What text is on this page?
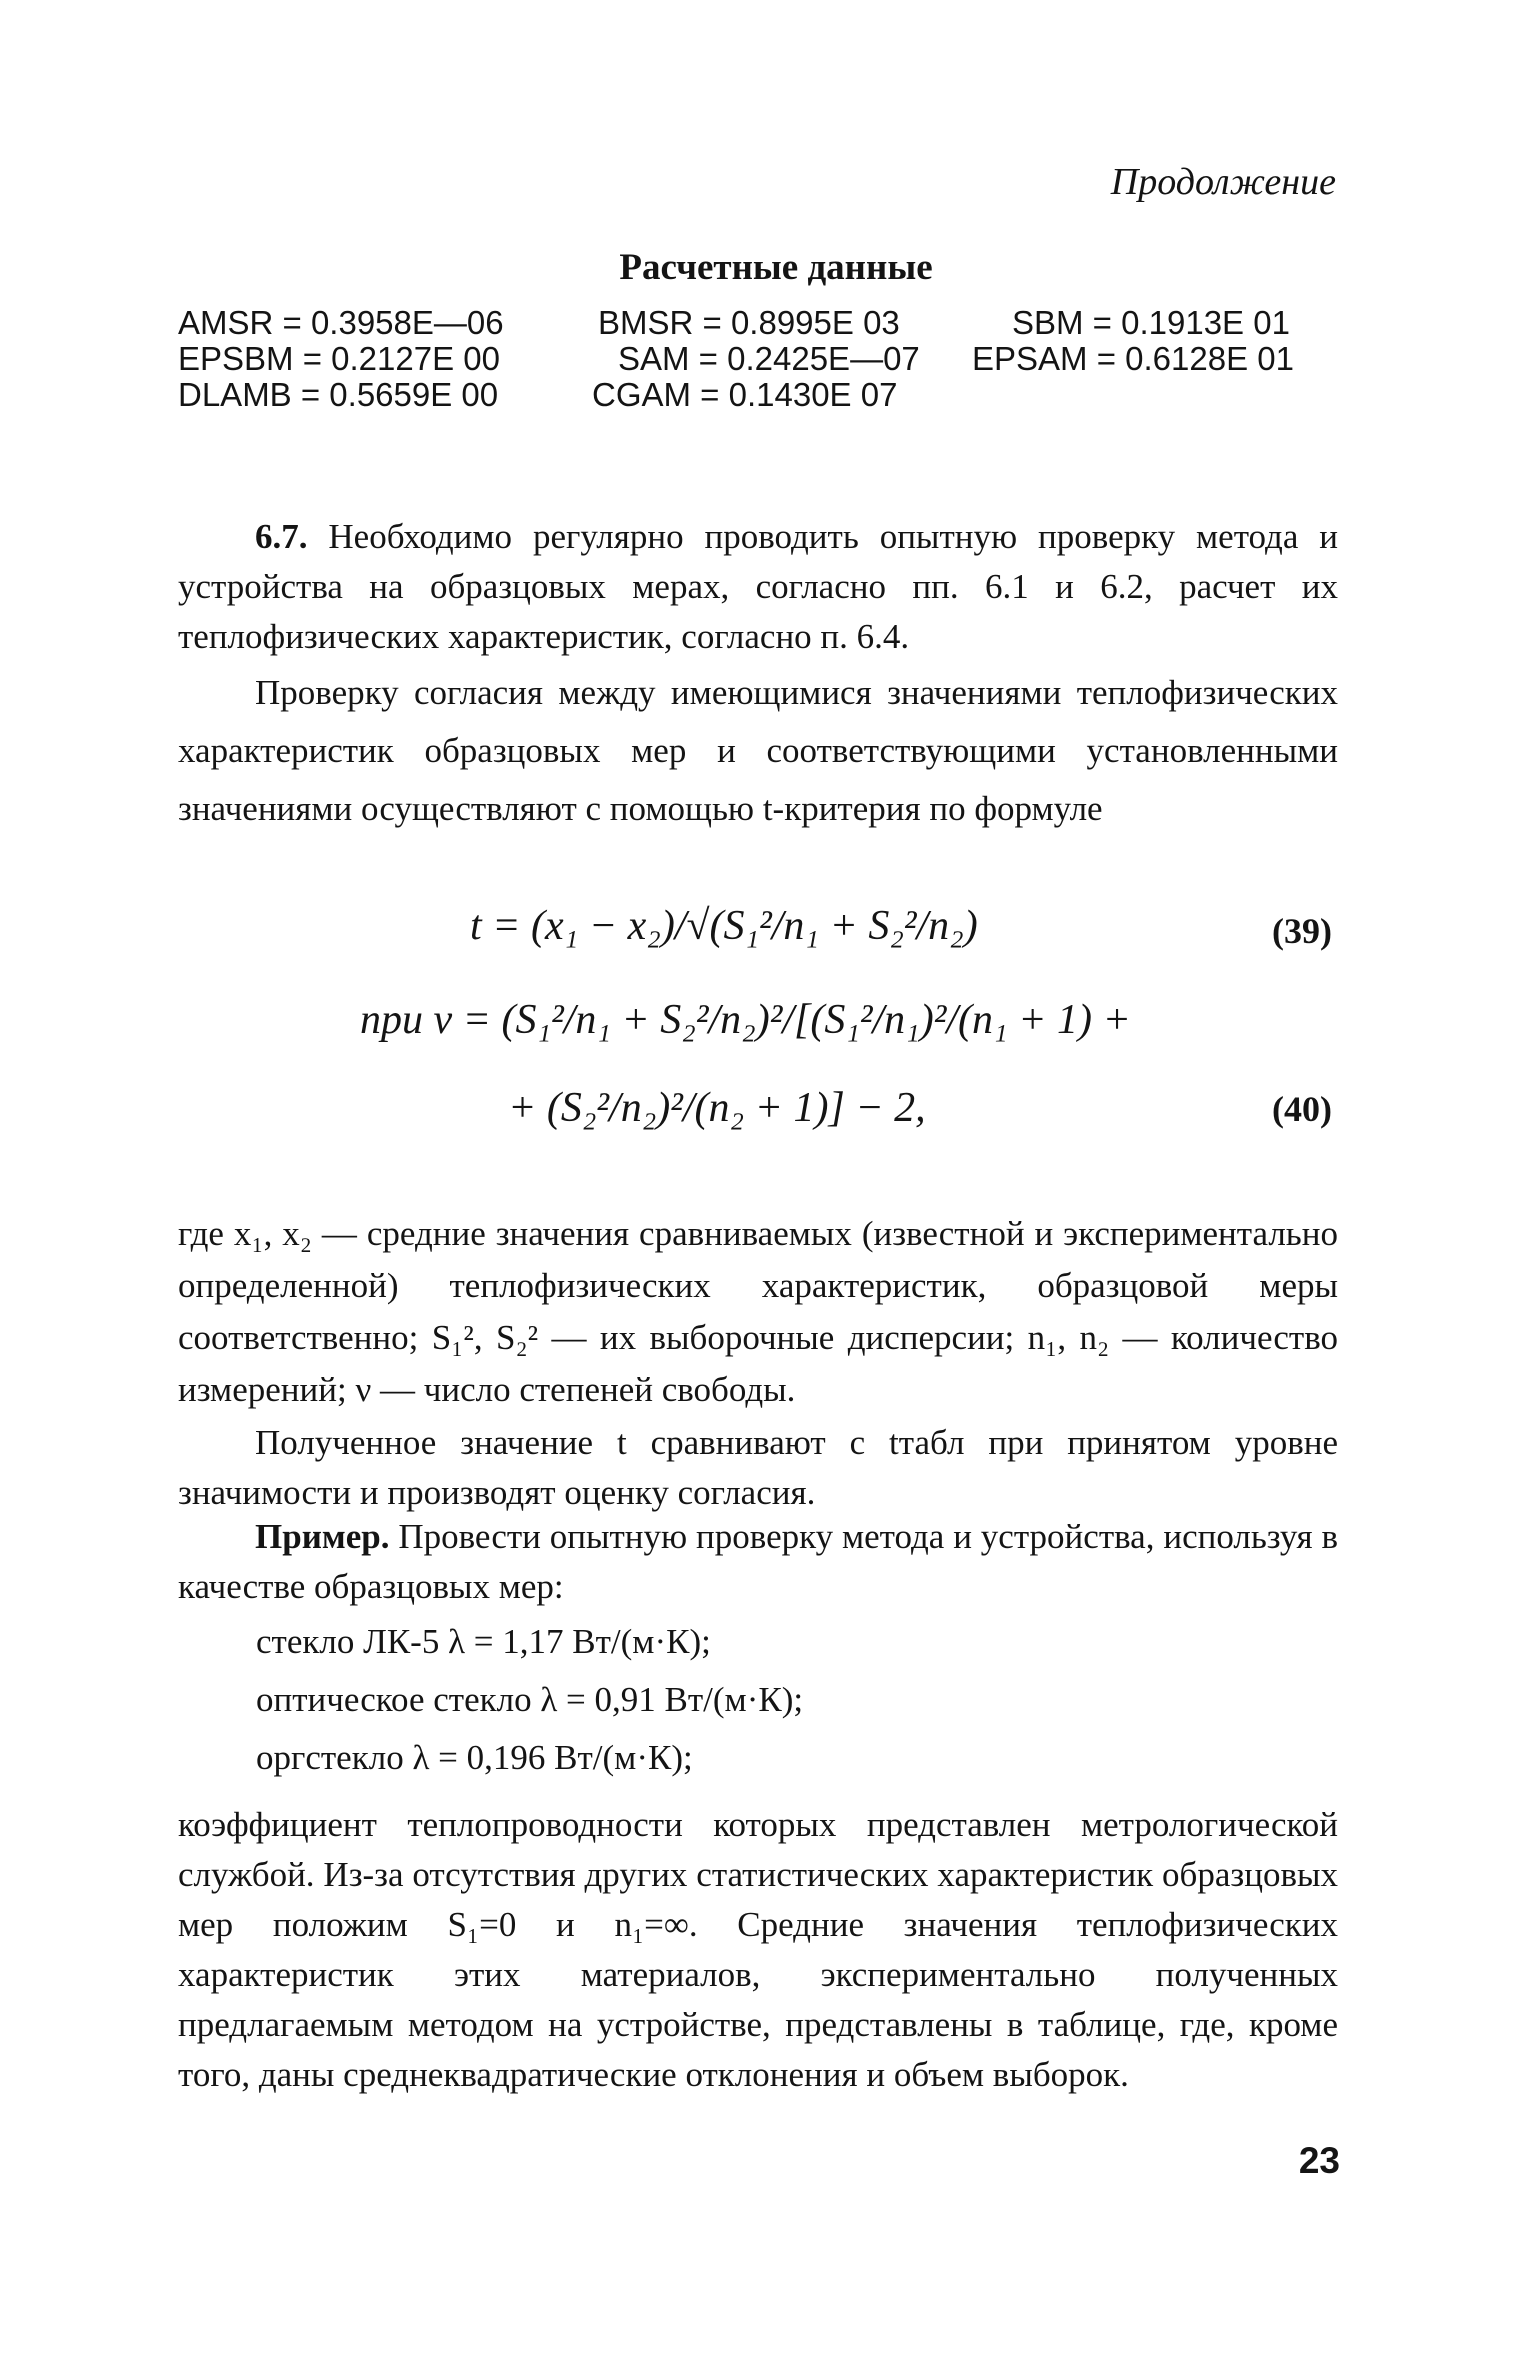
Продолжение
Расчетные данные
AMSR = 0.3958E—06	BMSR = 0.8995E 03	SBM = 0.1913E 01
EPSBM = 0.2127E 00	SAM = 0.2425E—07 EPSAM = 0.6128E 01
DLAMB = 0.5659E 00	CGAM = 0.1430E 07

6.7. Необходимо регулярно проводить опытную проверку метода и устройства на образцовых мерах, согласно пп. 6.1 и 6.2, расчет их теплофизических характеристик, согласно п. 6.4.

Проверку согласия между имеющимися значениями теплофизических характеристик образцовых мер и соответствующими установленными значениями осуществляют с помощью t-критерия по формуле

t = (x₁ − x₂)/√(S₁²/n₁ + S₂²/n₂)	(39)
при ν = (S₁²/n₁ + S₂²/n₂)²/[(S₁²/n₁)²/(n₁ + 1) +
+ (S₂²/n₂)²/(n₂ + 1)] − 2,	(40)

где x₁, x₂ — средние значения сравниваемых (известной и экспериментально определенной) теплофизических характеристик, образцовой меры соответственно; S₁², S₂² — их выборочные дисперсии; n₁, n₂ — количество измерений; ν — число степеней свободы.

Полученное значение t сравнивают с tтабл при принятом уровне значимости и производят оценку согласия.

Пример. Провести опытную проверку метода и устройства, используя в качестве образцовых мер:

стекло ЛК-5 λ = 1,17 Вт/(м·К);
оптическое стекло λ = 0,91 Вт/(м·К);
оргстекло λ = 0,196 Вт/(м·К);

коэффициент теплопроводности которых представлен метрологической службой. Из-за отсутствия других статистических характеристик образцовых мер положим S₁=0 и n₁=∞. Средние значения теплофизических характеристик этих материалов, экспериментально полученных предлагаемым методом на устройстве, представлены в таблице, где, кроме того, даны среднеквадратические отклонения и объем выборок.

23
